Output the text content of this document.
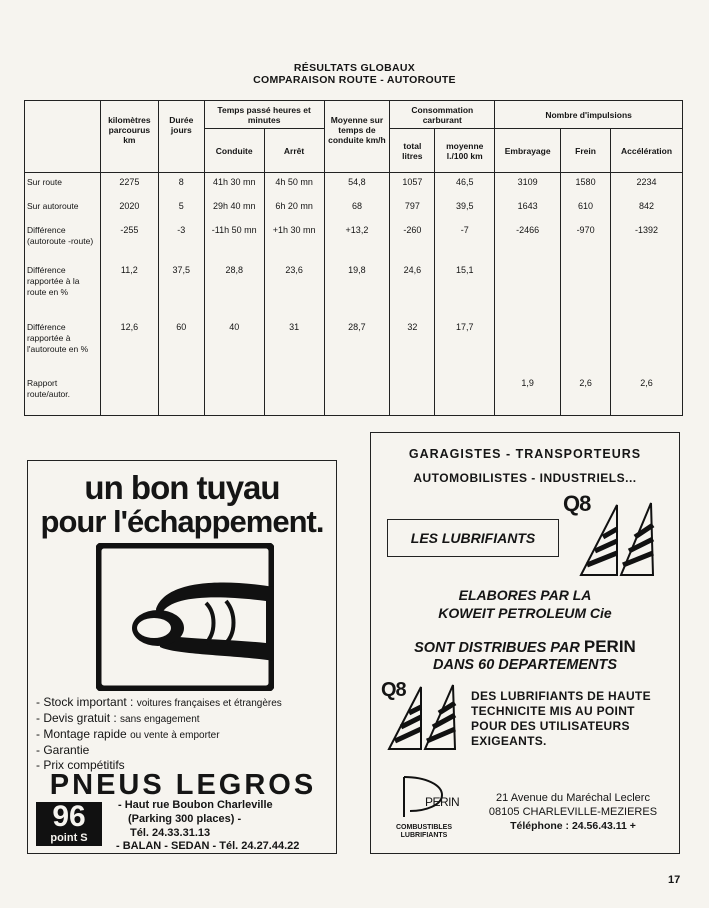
RÉSULTATS GLOBAUX
COMPARAISON ROUTE - AUTOROUTE
	kilomètres parcourus km	Durée jours	Temps passé heures et minutes		Moyenne sur temps de conduite km/h	Consommation carburant		Nombre d'impulsions		
			Conduite	Arrêt		total litres	moyenne l./100 km	Embrayage	Frein	Accélération
Sur route	2275	8	41h 30 mn	4h 50 mn	54,8	1057	46,5	3109	1580	2234
Sur autoroute	2020	5	29h 40 mn	6h 20 mn	68	797	39,5	1643	610	842
Différence (autoroute -route)	-255	-3	-11h 50 mn	+1h 30 mn	+13,2	-260	-7	-2466	-970	-1392
Différence rapportée à la route en %	11,2	37,5	28,8	23,6	19,8	24,6	15,1			
Différence rapportée à l'autoroute en %	12,6	60	40	31	28,7	32	17,7			
Rapport route/autor.								1,9	2,6	2,6
un bon tuyau
pour l'échappement.
- Stock important : voitures françaises et étrangères
- Devis gratuit : sans engagement
- Montage rapide ou vente à emporter
- Garantie
- Prix compétitifs
PNEUS LEGROS
96
point S
- Haut rue Boubon Charleville
(Parking 300 places) -
Tél. 24.33.31.13
- BALAN - SEDAN - Tél. 24.27.44.22
GARAGISTES - TRANSPORTEURS
AUTOMOBILISTES - INDUSTRIELS...
LES LUBRIFIANTS
Q8
ELABORES PAR LA
KOWEIT PETROLEUM Cie
SONT DISTRIBUES PAR PERIN
DANS 60 DEPARTEMENTS
Q8	DES LUBRIFIANTS DE HAUTE
TECHNICITE MIS AU POINT
POUR DES UTILISATEURS
EXIGEANTS.
PERIN
COMBUSTIBLES
LUBRIFIANTS
21 Avenue du Maréchal Leclerc
08105 CHARLEVILLE-MEZIERES
Téléphone : 24.56.43.11 +
17
